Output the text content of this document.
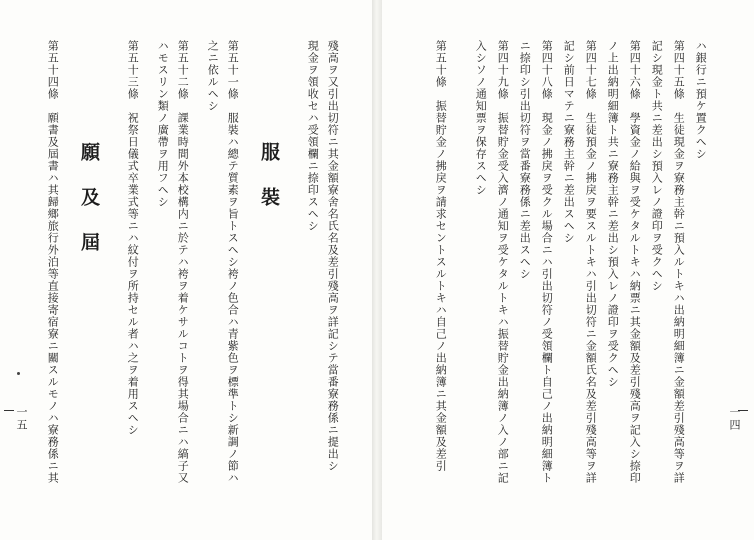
殘高ヲ又引出切符ニ其金額寮舍名氏名及差引殘高ヲ詳記シテ當番寮務係ニ提出シ
現金ヲ領收セハ受領欄ニ捺印スヘシ
服裝
第五十一條　服裝ハ總テ質素ヲ旨トスヘシ袴ノ色合ハ青紫色ヲ標準トシ新調ノ節ハ
之ニ依ルヘシ
第五十二條　課業時間外本校構内ニ於テハ袴ヲ着ケサルコトヲ得其場合ニハ縞子又
ハモスリン類ノ廣帶ヲ用フヘシ
第五十三條　祝祭日儀式卒業式等ニハ紋付ヲ所持セル者ハ之ヲ着用スヘシ
願及屆
第五十四條　願書及屆書ハ其歸鄉旅行外泊等直接寄宿寮ニ關スルモノハ寮務係ニ其
一五
ハ銀行ニ預ケ置クヘシ
第四十五條　生徒現金ヲ寮務主幹ニ預入ルトキハ出納明細簿ニ金額差引殘高等ヲ詳
記シ現金ト共ニ差出シ預入レノ證印ヲ受クヘシ
第四十六條　學資金ノ給與ヲ受ケタルトキハ納票ニ其金額及差引殘高ヲ記入シ捺印
ノ上出納明細簿ト共ニ寮務主幹ニ差出シ預入レノ證印ヲ受クヘシ
第四十七條　生徒預金ノ拂戾ヲ要スルトキハ引出切符ニ金額氏名及差引殘高等ヲ詳
記シ前日マテニ寮務主幹ニ差出スヘシ
第四十八條　現金ノ拂戾ヲ受クル場合ニハ引出切符ノ受領欄ト自己ノ出納明細簿ト
ニ捺印シ引出切符ヲ當番寮務係ニ差出スヘシ
第四十九條　振替貯金受入濟ノ通知ヲ受ケタルトキハ振替貯金出納簿ノ入ノ部ニ記
入シソノ通知票ヲ保存スヘシ
第五十條　振替貯金ノ拂戾ヲ請求セントスルトキハ自己ノ出納簿ニ其金額及差引	一四
